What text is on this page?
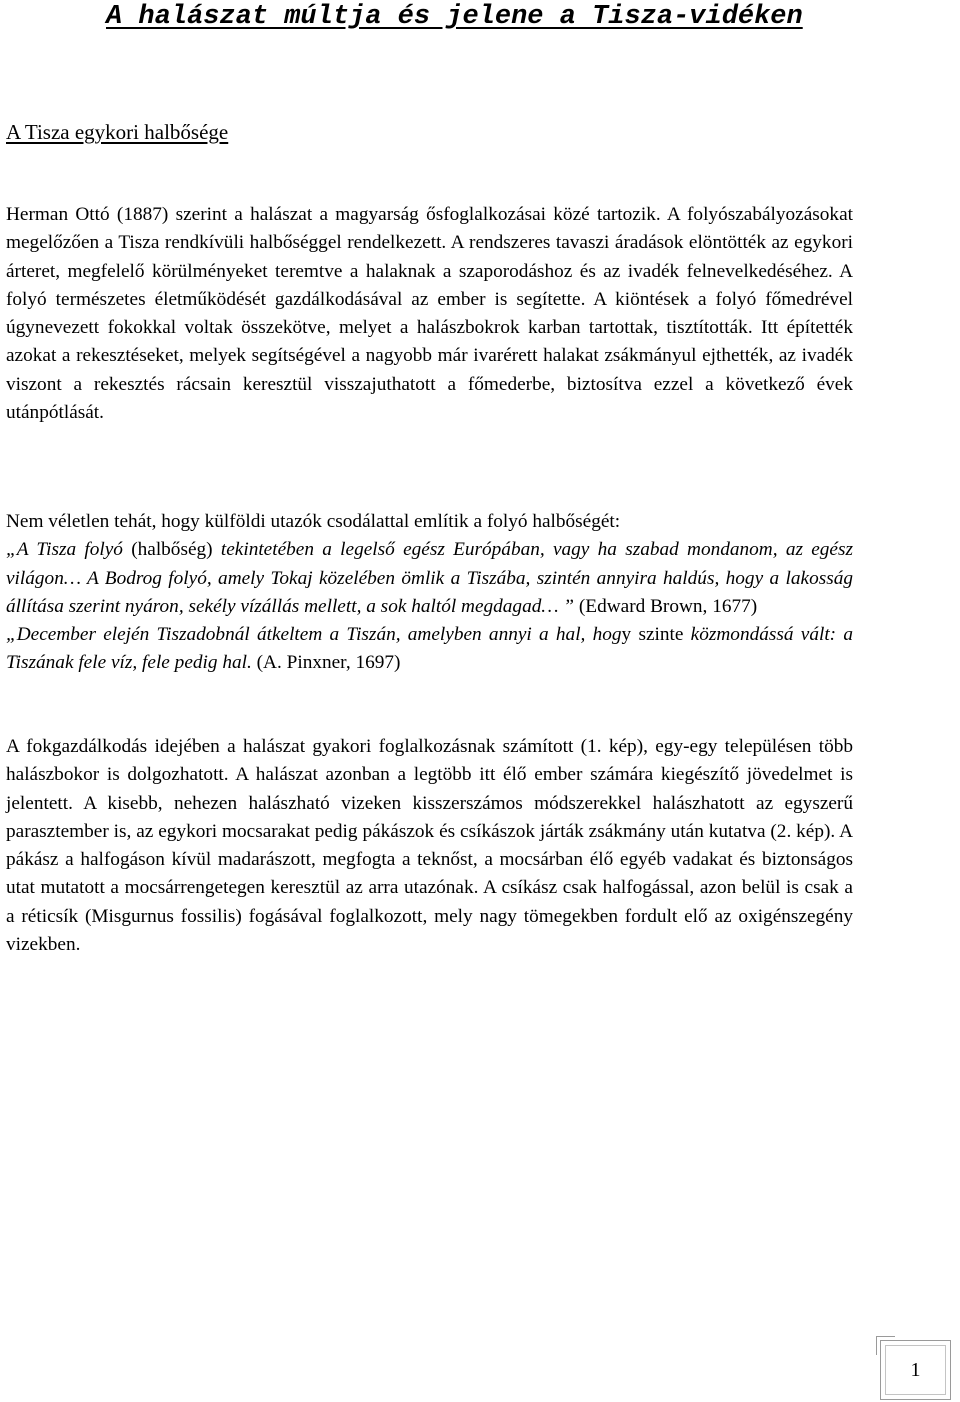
A halászat múltja és jelene a Tisza-vidéken
A Tisza egykori halbősége

Herman Ottó (1887) szerint a halászat a magyarság ősfoglalkozásai közé tartozik. A folyószabályozásokat megelőzően a Tisza rendkívüli halbőséggel rendelkezett. A rendszeres tavaszi áradások elöntötték az egykori árteret, megfelelő körülményeket teremtve a halaknak a szaporodáshoz és az ivadék felnevelkedéséhez. A folyó természetes életműködését gazdálkodásával az ember is segítette. A kiöntések a folyó főmedrével úgynevezett fokokkal voltak összekötve, melyet a halászbokrok karban tartottak, tisztították. Itt építették azokat a rekesztéseket, melyek segítségével a nagyobb már ivarérett halakat zsákmányul ejthették, az ivadék viszont a rekesztés rácsain keresztül visszajuthatott a főmederbe, biztosítva ezzel a következő évek utánpótlását.

Nem véletlen tehát, hogy külföldi utazók csodálattal említik a folyó halbőségét:
„A Tisza folyó (halbőség) tekintetében a legelső egész Európában, vagy ha szabad mondanom, az egész világon… A Bodrog folyó, amely Tokaj közelében ömlik a Tiszába, szintén annyira haldús, hogy a lakosság állítása szerint nyáron, sekély vízállás mellett, a sok haltól megdagad… ” (Edward Brown, 1677)
„December elején Tiszadobnál átkeltem a Tiszán, amelyben annyi a hal, hogy szinte közmondássá vált: a Tiszának fele víz, fele pedig hal. (A. Pinxner, 1697)

A fokgazdálkodás idejében a halászat gyakori foglalkozásnak számított (1. kép), egy-egy településen több halászbokor is dolgozhatott. A halászat azonban a legtöbb itt élő ember számára kiegészítő jövedelmet is jelentett. A kisebb, nehezen halászható vizeken kisszerszámos módszerekkel halászhatott az egyszerű parasztember is, az egykori mocsarakat pedig pákászok és csíkászok járták zsákmány után kutatva (2. kép). A pákász a halfogáson kívül madarászott, megfogta a teknőst, a mocsárban élő egyéb vadakat és biztonságos utat mutatott a mocsárrengetegen keresztül az arra utazónak. A csíkász csak halfogással, azon belül is csak a a réticsík (Misgurnus fossilis) fogásával foglalkozott, mely nagy tömegekben fordult elő az oxigénszegény vizekben.

1
